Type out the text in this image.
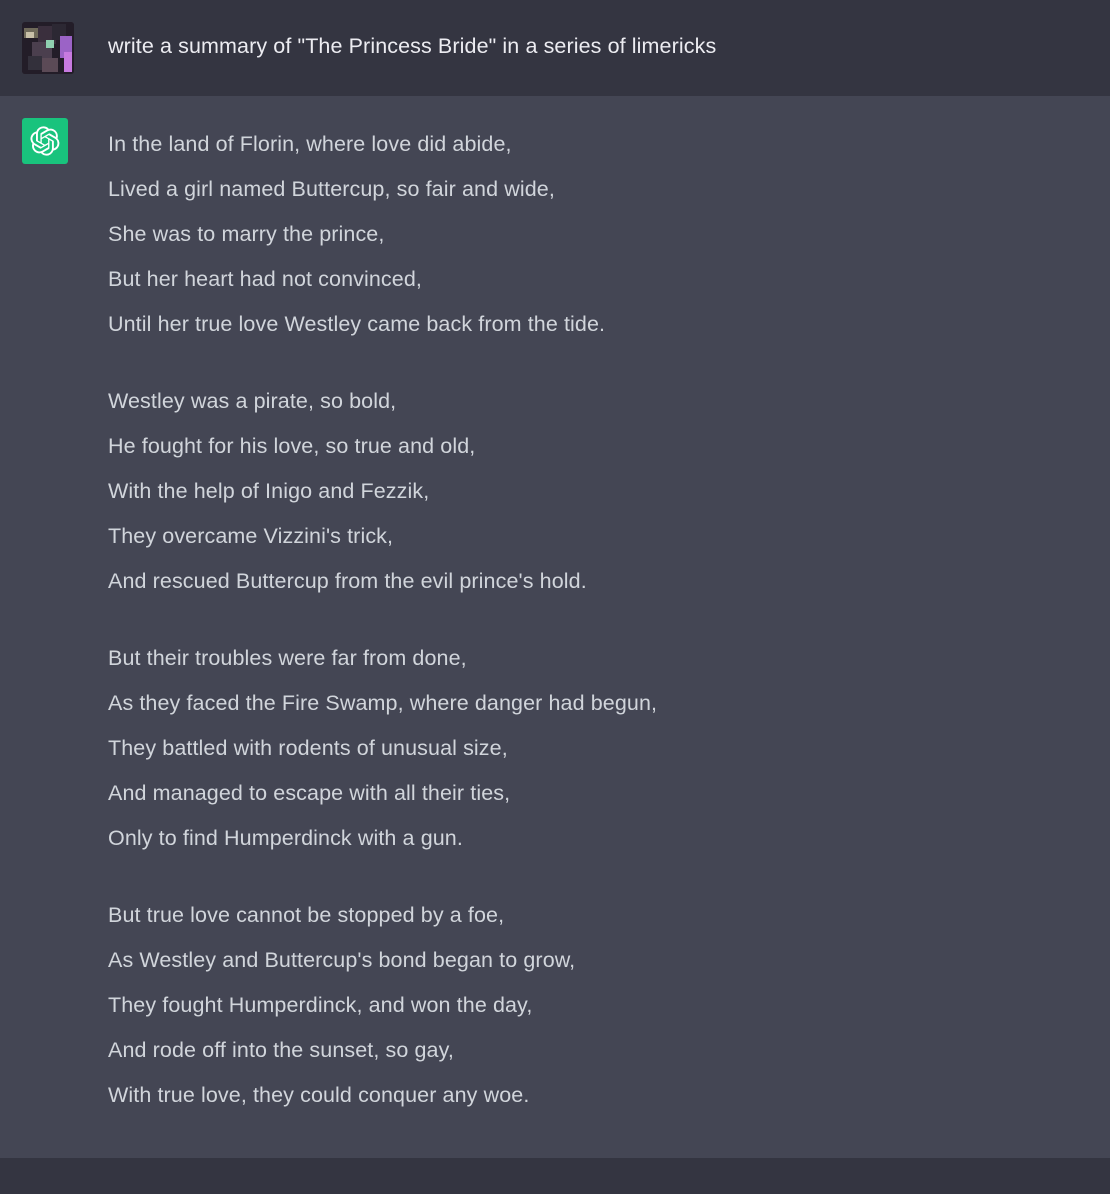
write a summary of "The Princess Bride" in a series of limericks
In the land of Florin, where love did abide,
Lived a girl named Buttercup, so fair and wide,
She was to marry the prince,
But her heart had not convinced,
Until her true love Westley came back from the tide.
Westley was a pirate, so bold,
He fought for his love, so true and old,
With the help of Inigo and Fezzik,
They overcame Vizzini's trick,
And rescued Buttercup from the evil prince's hold.
But their troubles were far from done,
As they faced the Fire Swamp, where danger had begun,
They battled with rodents of unusual size,
And managed to escape with all their ties,
Only to find Humperdinck with a gun.
But true love cannot be stopped by a foe,
As Westley and Buttercup's bond began to grow,
They fought Humperdinck, and won the day,
And rode off into the sunset, so gay,
With true love, they could conquer any woe.
